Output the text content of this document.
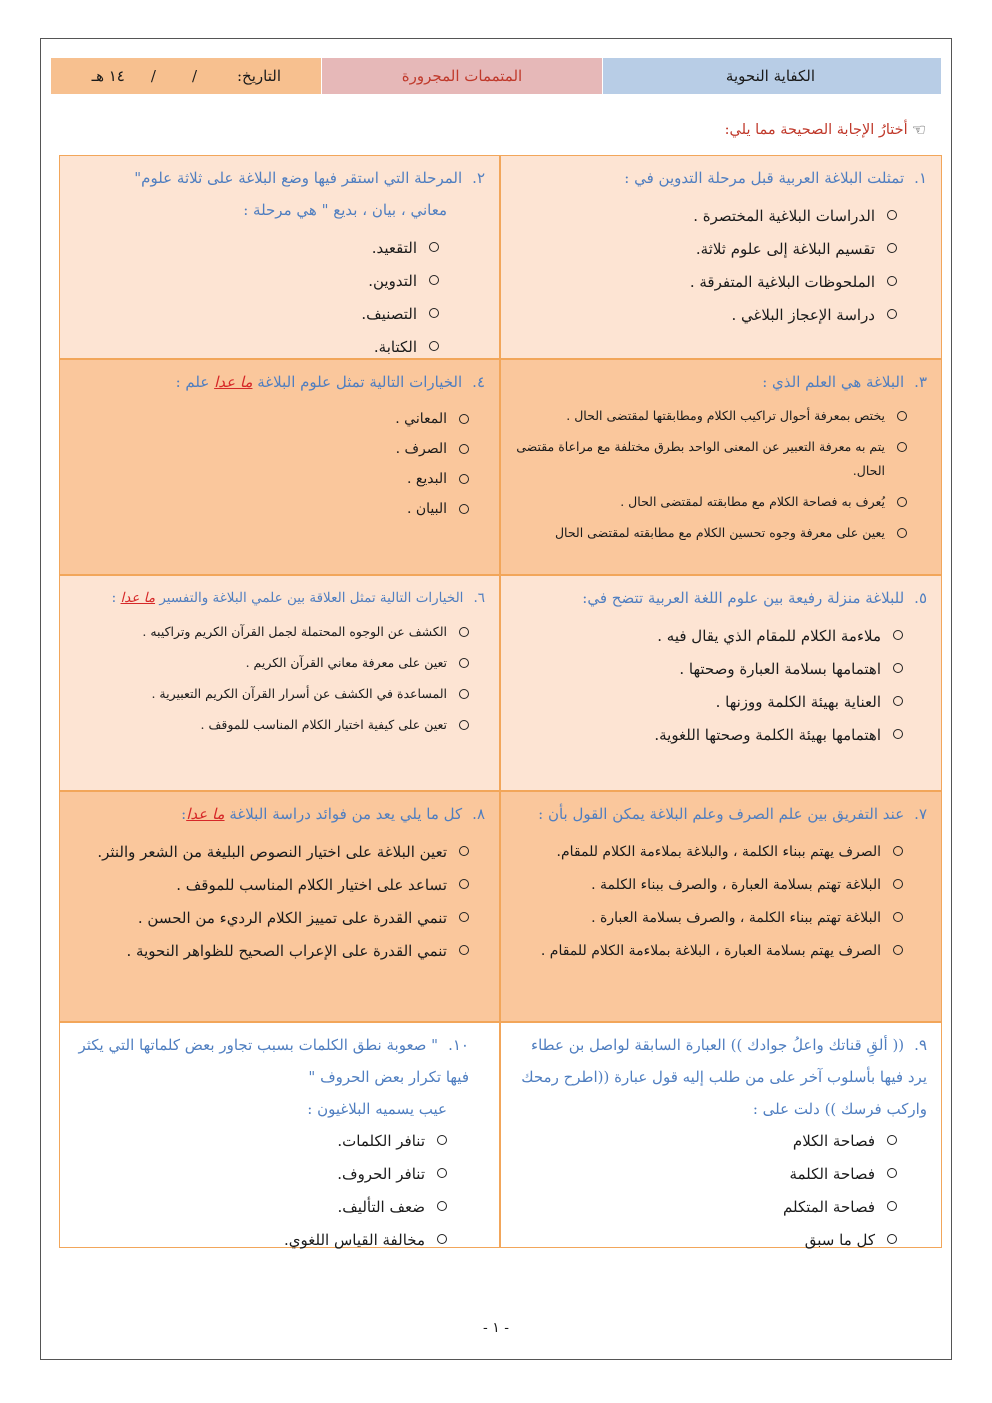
الكفاية النحوية
المتممات المجرورة
التاريخ:
/
/
١٤ هـ
☜
أختارُ الإجابة الصحيحة مما يلي:

٢.المرحلة التي استقر فيها وضع البلاغة على ثلاثة علوم"

معاني ، بيان ، بديع " هي مرحلة :
التقعيد.
التدوين.
التصنيف.
الكتابة.

١.تمثلت البلاغة العربية قبل مرحلة التدوين في :

الدراسات البلاغية المختصرة .
تقسيم البلاغة إلى علوم ثلاثة.
الملحوظات البلاغية المتفرقة .
دراسة الإعجاز البلاغي .

٤.الخيارات التالية تمثل علوم البلاغة ما عدا علم :

المعاني .
الصرف .
البديع .
البيان .

٣.البلاغة هي العلم الذي :

يختص بمعرفة أحوال تراكيب الكلام ومطابقتها لمقتضى الحال .
يتم به معرفة التعبير عن المعنى الواحد بطرق مختلفة مع مراعاة مقتضى الحال.
يُعرف به فصاحة الكلام مع مطابقته لمقتضى الحال .
يعين على معرفة وجوه تحسين الكلام مع مطابقته لمقتضى الحال

٦.الخيارات التالية تمثل العلاقة بين علمي البلاغة والتفسير ما عدا :

الكشف عن الوجوه المحتملة لجمل القرآن الكريم وتراكيبه .
تعين على معرفة معاني القرآن الكريم .
المساعدة في الكشف عن أسرار القرآن الكريم التعبيرية .
تعين على كيفية اختيار الكلام المناسب للموقف .

٥.للبلاغة منزلة رفيعة بين علوم اللغة العربية تتضح في:

ملاءمة الكلام للمقام الذي يقال فيه .
اهتمامها بسلامة العبارة وصحتها .
العناية بهيئة الكلمة ووزنها .
اهتمامها بهيئة الكلمة وصحتها اللغوية.

٨.كل ما يلي يعد من فوائد دراسة البلاغة ما عدا:

تعين البلاغة على اختيار النصوص البليغة من الشعر والنثر.
تساعد على اختيار الكلام المناسب للموقف .
تنمي القدرة على تمييز الكلام الرديء من الحسن .
تنمي القدرة على الإعراب الصحيح للظواهر النحوية .

٧.عند التفريق بين علم الصرف وعلم البلاغة يمكن القول بأن :

الصرف يهتم ببناء الكلمة ، والبلاغة بملاءمة الكلام للمقام.
البلاغة تهتم بسلامة العبارة ، والصرف ببناء الكلمة .
البلاغة تهتم ببناء الكلمة ، والصرف بسلامة العبارة .
الصرف يهتم بسلامة العبارة ، البلاغة بملاءمة الكلام للمقام .

١٠." صعوبة نطق الكلمات بسبب تجاور بعض كلماتها التي يكثر فيها تكرار بعض الحروف "

عيب يسميه البلاغيون :
تنافر الكلمات.
تنافر الحروف.
ضعف التأليف.
مخالفة القياس اللغوي.

٩.(( ألقِ قناتك واعلُ جوادك )) العبارة السابقة لواصل بن عطاء يرد فيها بأسلوب آخر على من طلب إليه قول عبارة ((اطرح رمحك واركب فرسك )) دلت على :

فصاحة الكلام
فصاحة الكلمة
فصاحة المتكلم
كل ما سبق
- ١ -
